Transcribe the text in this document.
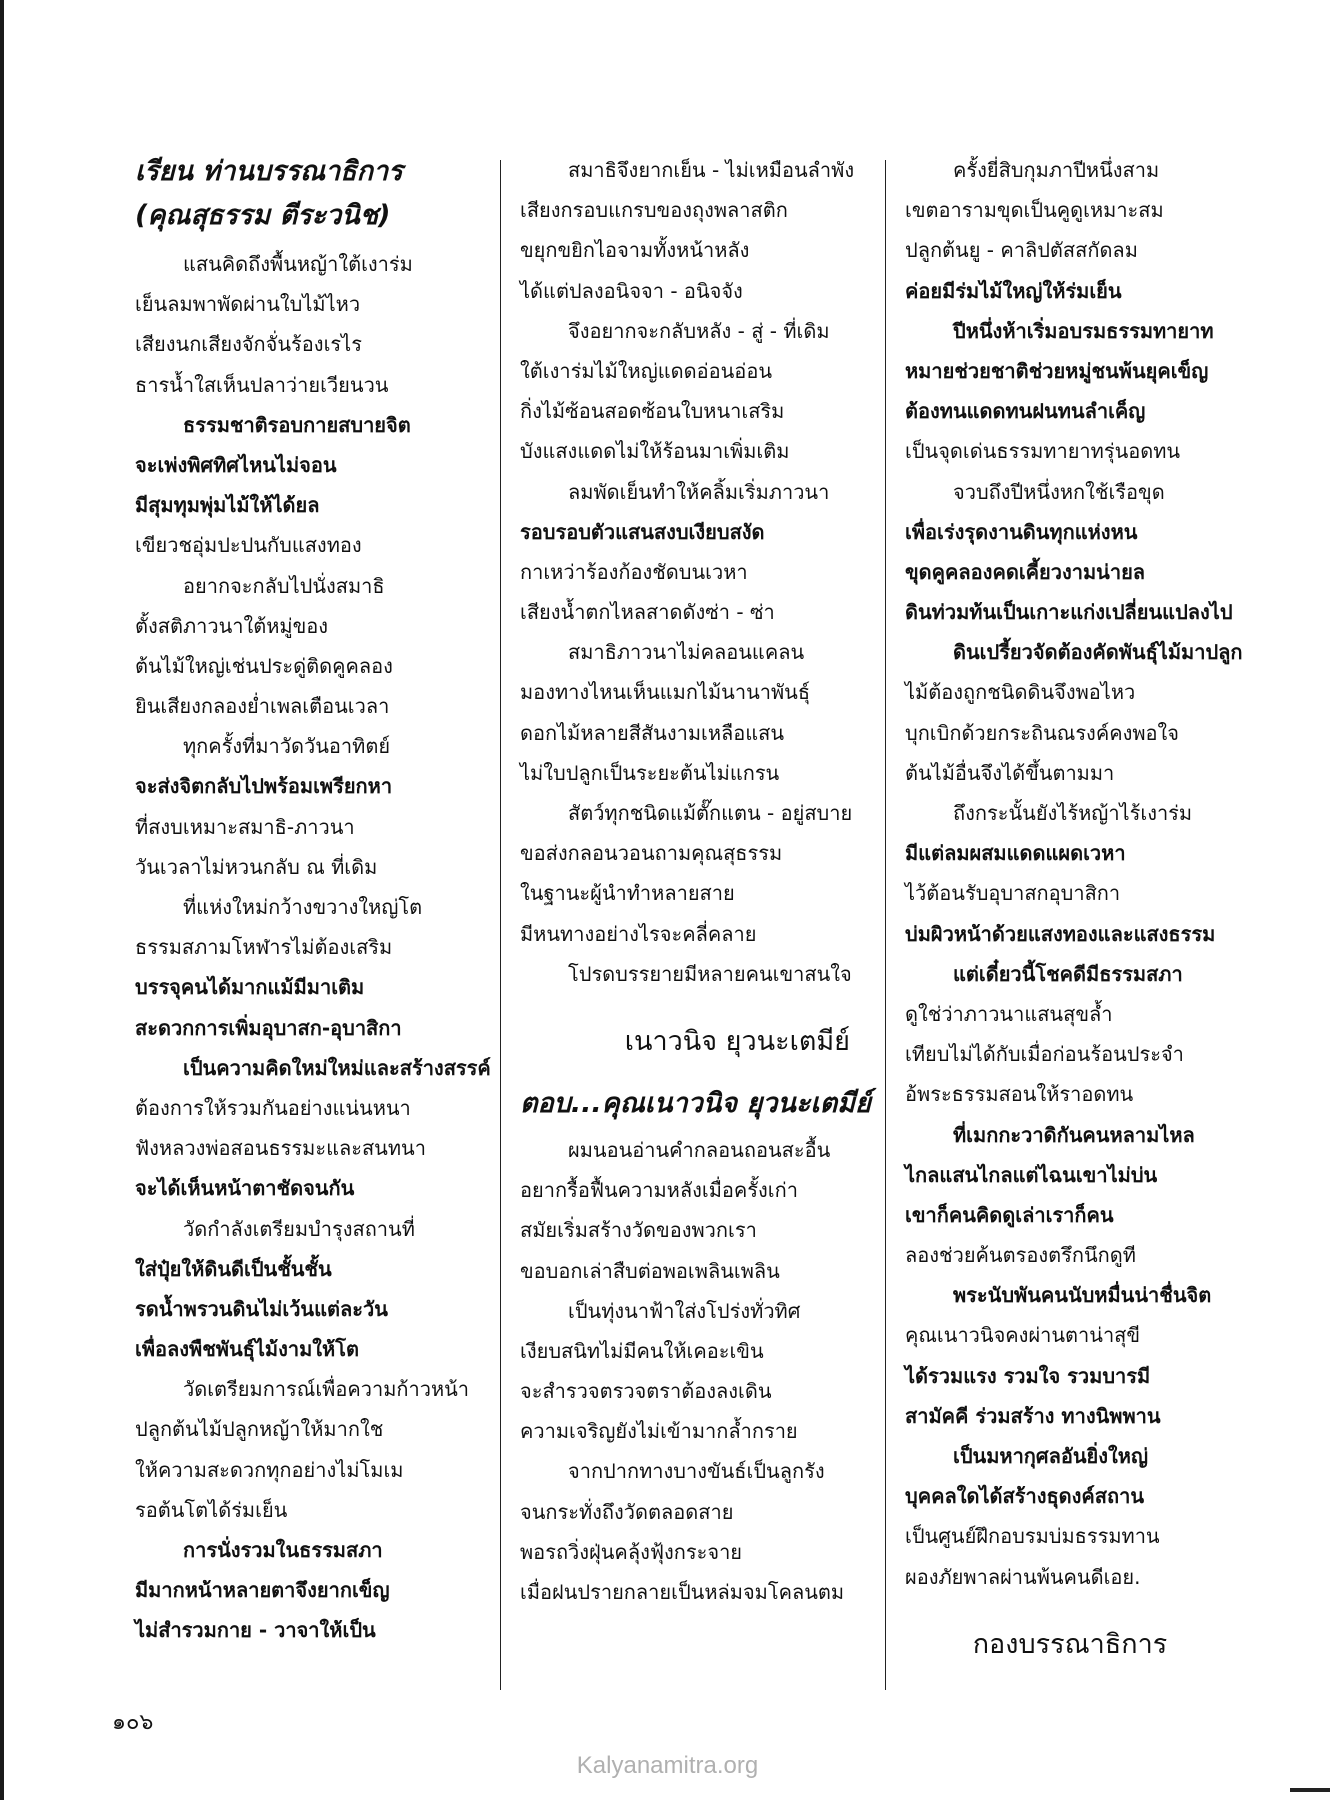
เรียน ท่านบรรณาธิการ
(คุณสุธรรม ตีระวนิช)
แสนคิดถึงพื้นหญ้าใต้เงาร่ม
เย็นลมพาพัดผ่านใบไม้ไหว
เสียงนกเสียงจักจั่นร้องเรไร
ธารน้ำใสเห็นปลาว่ายเวียนวน
ธรรมชาติรอบกายสบายจิต
จะเพ่งพิศทิศไหนไม่จอน
มีสุมทุมพุ่มไม้ให้ได้ยล
เขียวชอุ่มปะปนกับแสงทอง
อยากจะกลับไปนั่งสมาธิ
ตั้งสติภาวนาใต้หมู่ของ
ต้นไม้ใหญ่เช่นประดู่ติดคูคลอง
ยินเสียงกลองย่ำเพลเตือนเวลา
ทุกครั้งที่มาวัดวันอาทิตย์
จะส่งจิตกลับไปพร้อมเพรียกหา
ที่สงบเหมาะสมาธิ-ภาวนา
วันเวลาไม่หวนกลับ ณ ที่เดิม
ที่แห่งใหม่กว้างขวางใหญ่โต
ธรรมสภามโหฬารไม่ต้องเสริม
บรรจุคนได้มากแม้มีมาเติม
สะดวกการเพิ่มอุบาสก-อุบาสิกา
เป็นความคิดใหม่ใหม่และสร้างสรรค์
ต้องการให้รวมกันอย่างแน่นหนา
ฟังหลวงพ่อสอนธรรมะและสนทนา
จะได้เห็นหน้าตาชัดจนกัน
วัดกำลังเตรียมบำรุงสถานที่
ใส่ปุ๋ยให้ดินดีเป็นชั้นชั้น
รดน้ำพรวนดินไม่เว้นแต่ละวัน
เพื่อลงพืชพันธุ์ไม้งามให้โต
วัดเตรียมการณ์เพื่อความก้าวหน้า
ปลูกต้นไม้ปลูกหญ้าให้มากใช
ให้ความสะดวกทุกอย่างไม่โมเม
รอต้นโตได้ร่มเย็น
การนั่งรวมในธรรมสภา
มีมากหน้าหลายตาจึงยากเข็ญ
ไม่สำรวมกาย - วาจาให้เป็น
สมาธิจึงยากเย็น - ไม่เหมือนลำพัง
เสียงกรอบแกรบของถุงพลาสติก
ขยุกขยิกไอจามทั้งหน้าหลัง
ได้แต่ปลงอนิจจา - อนิจจัง
จึงอยากจะกลับหลัง - สู่ - ที่เดิม
ใต้เงาร่มไม้ใหญ่แดดอ่อนอ่อน
กิ่งไม้ซ้อนสอดซ้อนใบหนาเสริม
บังแสงแดดไม่ให้ร้อนมาเพิ่มเติม
ลมพัดเย็นทำให้คลิ้มเริ่มภาวนา
รอบรอบตัวแสนสงบเงียบสงัด
กาเหว่าร้องก้องชัดบนเวหา
เสียงน้ำตกไหลสาดดังซ่า - ซ่า
สมาธิภาวนาไม่คลอนแคลน
มองทางไหนเห็นแมกไม้นานาพันธุ์
ดอกไม้หลายสีสันงามเหลือแสน
ไม่ใบปลูกเป็นระยะต้นไม่แกรน
สัตว์ทุกชนิดแม้ตั๊กแตน - อยู่สบาย
ขอส่งกลอนวอนถามคุณสุธรรม
ในฐานะผู้นำทำหลายสาย
มีหนทางอย่างไรจะคลี่คลาย
โปรดบรรยายมีหลายคนเขาสนใจ
เนาวนิจ ยุวนะเตมีย์
ตอบ...คุณเนาวนิจ ยุวนะเตมีย์
ผมนอนอ่านคำกลอนถอนสะอื้น
อยากรื้อฟื้นความหลังเมื่อครั้งเก่า
สมัยเริ่มสร้างวัดของพวกเรา
ขอบอกเล่าสืบต่อพอเพลินเพลิน
เป็นทุ่งนาฟ้าใส่งโปร่งทั่วทิศ
เงียบสนิทไม่มีคนให้เคอะเขิน
จะสำรวจตรวจตราต้องลงเดิน
ความเจริญยังไม่เข้ามากล้ำกราย
จากปากทางบางขันธ์เป็นลูกรัง
จนกระทั่งถึงวัดตลอดสาย
พอรถวิ่งฝุ่นคลุ้งฟุ้งกระจาย
เมื่อฝนปรายกลายเป็นหล่มจมโคลนตม
ครั้งยี่สิบกุมภาปีหนึ่งสาม
เขตอารามขุดเป็นคูดูเหมาะสม
ปลูกต้นยู - คาลิปตัสสกัดลม
ค่อยมีร่มไม้ใหญ่ให้ร่มเย็น
ปีหนึ่งห้าเริ่มอบรมธรรมทายาท
หมายช่วยชาติช่วยหมู่ชนพ้นยุคเข็ญ
ต้องทนแดดทนฝนทนลำเค็ญ
เป็นจุดเด่นธรรมทายาทรุ่นอดทน
จวบถึงปีหนึ่งหกใช้เรือขุด
เพื่อเร่งรุดงานดินทุกแห่งหน
ขุดคูคลองคดเคี้ยวงามน่ายล
ดินท่วมท้นเป็นเกาะแก่งเปลี่ยนแปลงไป
ดินเปรี้ยวจัดต้องคัดพันธุ์ไม้มาปลูก
ไม้ต้องถูกชนิดดินจึงพอไหว
บุกเบิกด้วยกระถินณรงค์คงพอใจ
ต้นไม้อื่นจึงได้ขึ้นตามมา
ถึงกระนั้นยังไร้หญ้าไร้เงาร่ม
มีแต่ลมผสมแดดแผดเวหา
ไว้ต้อนรับอุบาสกอุบาสิกา
บ่มผิวหน้าด้วยแสงทองและแสงธรรม
แต่เดี๋ยวนี้โชคดีมีธรรมสภา
ดูใช่ว่าภาวนาแสนสุขล้ำ
เทียบไม่ได้กับเมื่อก่อนร้อนประจำ
อ้พระธรรมสอนให้ราอดทน
ที่เมกกะวาดิกันคนหลามไหล
ไกลแสนไกลแต่ไฉนเขาไม่บ่น
เขาก็คนคิดดูเล่าเราก็คน
ลองช่วยค้นตรองตรึกนึกดูที
พระนับพันคนนับหมื่นน่าชื่นจิต
คุณเนาวนิจคงผ่านตาน่าสุขี
ได้รวมแรง รวมใจ รวมบารมี
สามัคคี ร่วมสร้าง ทางนิพพาน
เป็นมหากุศลอันยิ่งใหญ่
บุคคลใดได้สร้างธุดงค์สถาน
เป็นศูนย์ฝึกอบรมบ่มธรรมทาน
ผองภัยพาลผ่านพ้นคนดีเอย.
กองบรรณาธิการ
๑๐๖
Kalyanamitra.org
